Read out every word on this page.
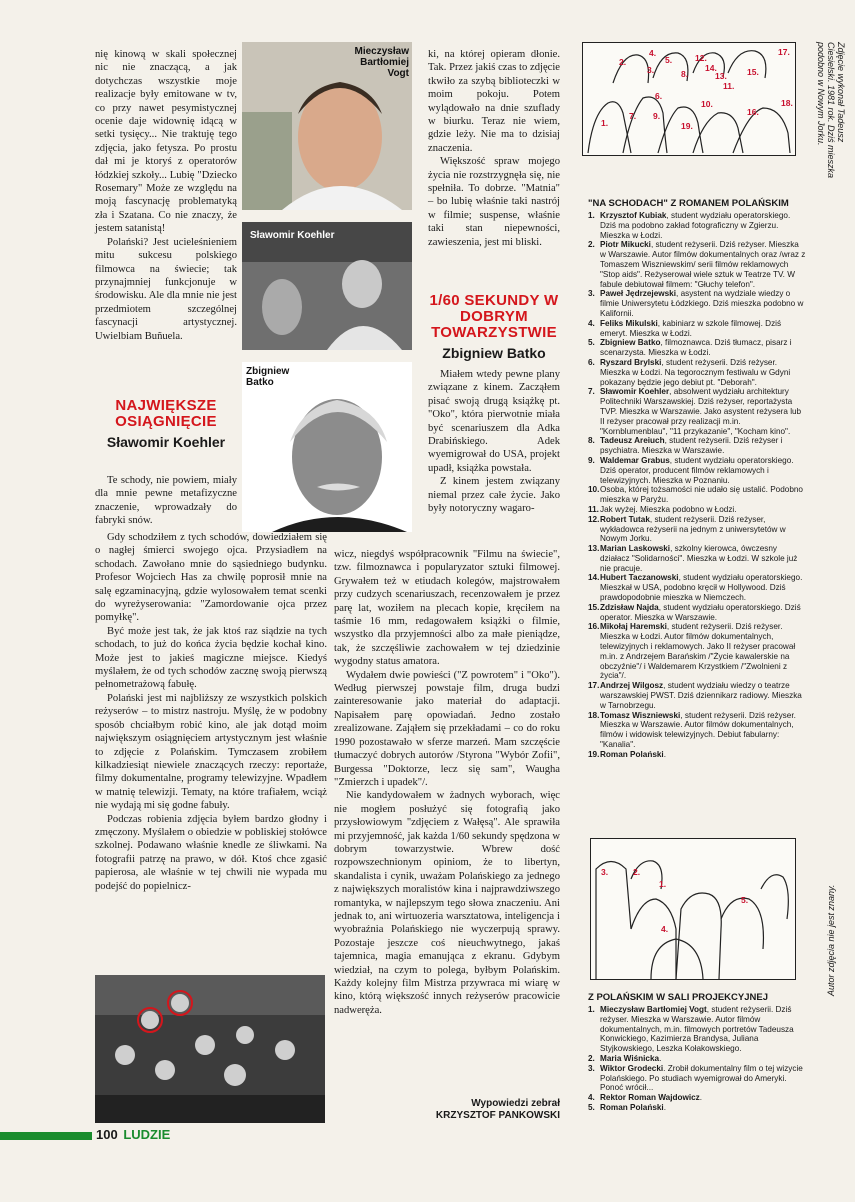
nię kinową w skali społecznej nic nie znaczącą, a jak dotychczas wszystkie moje realizacje były emitowane w tv, co przy nawet pesymistycznej ocenie daje widownię idącą w setki tysięcy... Nie traktuję tego zdjęcia, jako fetysza. Po prostu dał mi je ktoryś z operatorów łódzkiej szkoły... Lubię "Dziecko Rosemary" Może ze względu na moją fascynację problematyką zła i Szatana. Co nie znaczy, że jestem satanistą!

Polański? Jest ucieleśnieniem mitu sukcesu polskiego filmowca na świecie; tak przynajmniej funkcjonuje w środowisku. Ale dla mnie nie jest przedmiotem szczególnej fascynacji artystycznej. Uwielbiam Buñuela.

NAJWIĘKSZE OSIĄGNIĘCIE
Sławomir Koehler

Te schody, nie powiem, miały dla mnie pewne metafizyczne znaczenie, wprowadzały do fabryki snów.

Gdy schodziłem z tych schodów, dowiedziałem się o nagłej śmierci swojego ojca. Przysiadłem na schodach. Zawołano mnie do sąsiedniego budynku. Profesor Wojciech Has za chwilę poprosił mnie na salę egzaminacyjną, gdzie wylosowałem temat scenki do wyreżyserowania: "Zamordowanie ojca przez pomyłkę".

Być może jest tak, że jak ktoś raz siądzie na tych schodach, to już do końca życia będzie kochał kino. Może jest to jakieś magiczne miejsce. Kiedyś myślałem, że od tych schodów zacznę swoją pierwszą pełnometrażową fabułę.

Polański jest mi najbliższy ze wszystkich polskich reżyserów – to mistrz nastroju. Myślę, że w podobny sposób chciałbym robić kino, ale jak dotąd moim największym osiągnięciem artystycznym jest właśnie to zdjęcie z Polańskim. Tymczasem zrobiłem kilkadziesiąt niewiele znaczących rzeczy: reportaże, filmy dokumentalne, programy telewizyjne. Wpadłem w matnię telewizji. Tematy, na które trafiałem, wciąż nie wydają mi się godne fabuły.

Podczas robienia zdjęcia byłem bardzo głodny i zmęczony. Myślałem o obiedzie w pobliskiej stołówce szkolnej. Podawano właśnie knedle ze śliwkami. Na fotografii patrzę na prawo, w dół. Ktoś chce zgasić papierosa, ale właśnie w tej chwili nie wypada mu podejść do popielnicz-

Mieczysław Bartłomiej Vogt
Sławomir Koehler
Zbigniew Batko

ki, na której opieram dłonie. Tak. Przez jakiś czas to zdjęcie tkwiło za szybą biblioteczki w moim pokoju. Potem wylądowało na dnie szuflady w biurku. Teraz nie wiem, gdzie leży. Nie ma to dzisiaj znaczenia.

Większość spraw mojego życia nie rozstrzygnęła się, nie spełniła. To dobrze. "Matnia" – bo lubię właśnie taki nastrój w filmie; suspense, właśnie taki stan niepewności, zawieszenia, jest mi bliski.

1/60 SEKUNDY W DOBRYM TOWARZYSTWIE
Zbigniew Batko

Miałem wtedy pewne plany związane z kinem. Zacząłem pisać swoją drugą książkę pt. "Oko", która pierwotnie miała być scenariuszem dla Adka Drabińskiego. Adek wyemigrował do USA, projekt upadł, książka powstała.

Z kinem jestem związany niemal przez całe życie. Jako były notoryczny wagaro-

wicz, niegdyś współpracownik "Filmu na świecie", tzw. filmoznawca i popularyzator sztuki filmowej. Grywałem też w etiudach kolegów, majstrowałem przy cudzych scenariuszach, recenzowałem je przez parę lat, woziłem na plecach kopie, kręciłem na taśmie 16 mm, redagowałem książki o filmie, wszystko dla przyjemności albo za małe pieniądze, tak, że szczęśliwie zachowałem w tej dziedzinie wygodny status amatora.

Wydałem dwie powieści ("Z powrotem" i "Oko"). Według pierwszej powstaje film, druga budzi zainteresowanie jako materiał do adaptacji. Napisałem parę opowiadań. Jedno zostało zrealizowane. Zająłem się przekładami – co do roku 1990 pozostawało w sferze marzeń. Mam szczęście tłumaczyć dobrych autorów /Styrona "Wybór Zofii", Burgessa "Doktorze, lecz się sam", Waugha "Zmierzch i upadek"/.

Nie kandydowałem w żadnych wyborach, więc nie mogłem posłużyć się fotografią jako przysłowiowym "zdjęciem z Wałęsą". Ale sprawiła mi przyjemność, jak każda 1/60 sekundy spędzona w dobrym towarzystwie. Wbrew dość rozpowszechnionym opiniom, że to libertyn, skandalista i cynik, uważam Polańskiego za jednego z największych moralistów kina i najprawdziwszego romantyka, w najlepszym tego słowa znaczeniu. Ani jednak to, ani wirtuozeria warsztatowa, inteligencja i wyobraźnia Polańskiego nie wyczerpują sprawy. Pozostaje jeszcze coś nieuchwytnego, jakaś tajemnica, magia emanująca z ekranu. Gdybym wiedział, na czym to polega, byłbym Polańskim. Każdy kolejny film Mistrza przywraca mi wiarę w kino, którą większość innych reżyserów pracowicie nadweręża.

Wypowiedzi zebrał
KRZYSZTOF PANKOWSKI
100 LUDZIE
1.
2.
3.
4.
5.
6.
7.
8.
9.
10.
11.
12.
13.
14.	15.
16.
17.
18.
19.	Zdjęcie wykonał Tadeusz Ciesielski. 1981 rok. Dziś mieszka podobno w Nowym Jorku.
"NA SCHODACH" Z ROMANEM POLAŃSKIM
1. Krzysztof Kubiak, student wydziału operatorskiego. Dziś ma podobno zakład fotograficzny w Zgierzu. Mieszka w Łodzi.
2. Piotr Mikucki, student reżyserii. Dziś reżyser. Mieszka w Warszawie. Autor filmów dokumentalnych oraz /wraz z Tomaszem Wiszniewskim/ serii filmów reklamowych "Stop aids". Reżyserował wiele sztuk w Teatrze TV. W fabule debiutował filmem: "Głuchy telefon".
3. Paweł Jędrzejewski, asystent na wydziale wiedzy o filmie Uniwersytetu Łódzkiego. Dziś mieszka podobno w Kalifornii.
4. Feliks Mikulski, kabiniarz w szkole filmowej. Dziś emeryt. Mieszka w Łodzi.
5. Zbigniew Batko, filmoznawca. Dziś tłumacz, pisarz i scenarzysta. Mieszka w Łodzi.
6. Ryszard Brylski, student reżyserii. Dziś reżyser. Mieszka w Łodzi. Na tegorocznym festiwalu w Gdyni pokazany będzie jego debiut pt. "Deborah".
7. Sławomir Koehler, absolwent wydziału architektury Politechniki Warszawskiej. Dziś reżyser, reportażysta TVP. Mieszka w Warszawie. Jako asystent reżysera lub II reżyser pracował przy realizacji m.in. "Kornblumenblau", "11 przykazanie", "Kocham kino".
8. Tadeusz Areiuch, student reżyserii. Dziś reżyser i psychiatra. Mieszka w Warszawie.
9. Waldemar Grabus, student wydziału operatorskiego. Dziś operator, producent filmów reklamowych i telewizyjnych. Mieszka w Poznaniu.
10. Osoba, której tożsamości nie udało się ustalić. Podobno mieszka w Paryżu.
11. Jak wyżej. Mieszka podobno w Łodzi.
12. Robert Tutak, student reżyserii. Dziś reżyser, wykładowca reżyserii na jednym z uniwersytetów w Nowym Jorku.
13. Marian Laskowski, szkolny kierowca, ówczesny działacz "Solidarności". Mieszka w Łodzi. W szkole już nie pracuje.
14. Hubert Taczanowski, student wydziału operatorskiego. Mieszkał w USA, podobno kręcił w Hollywood. Dziś prawdopodobnie mieszka w Niemczech.
15. Zdzisław Najda, student wydziału operatorskiego. Dziś operator. Mieszka w Warszawie.
16. Mikołaj Haremski, student reżyserii. Dziś reżyser. Mieszka w Łodzi. Autor filmów dokumentalnych, telewizyjnych i reklamowych. Jako II reżyser pracował m.in. z Andrzejem Barańskim /"Życie kawalerskie na obczyźnie"/ i Waldemarem Krzystkiem /"Zwolnieni z życia"/.
17. Andrzej Wilgosz, student wydziału wiedzy o teatrze warszawskiej PWST. Dziś dziennikarz radiowy. Mieszka w Tarnobrzegu.
18. Tomasz Wiszniewski, student reżyserii. Dziś reżyser. Mieszka w Warszawie. Autor filmów dokumentalnych, filmów i widowisk telewizyjnych. Debiut fabularny: "Kanalia".
19. Roman Polański.
1.
2.
3.
4.
5.	Autor zdjęcia nie jest znany.
Z POLAŃSKIM W SALI PROJEKCYJNEJ
1. Mieczysław Bartłomiej Vogt, student reżyserii. Dziś reżyser. Mieszka w Warszawie. Autor filmów dokumentalnych, m.in. filmowych portretów Tadeusza Konwickiego, Kazimierza Brandysa, Juliana Styjkowskiego, Leszka Kołakowskiego.
2. Maria Wiśnicka.
3. Wiktor Grodecki. Zrobił dokumentalny film o tej wizycie Polańskiego. Po studiach wyemigrował do Ameryki. Ponoć wrócił...
4. Rektor Roman Wajdowicz.
5. Roman Polański.
